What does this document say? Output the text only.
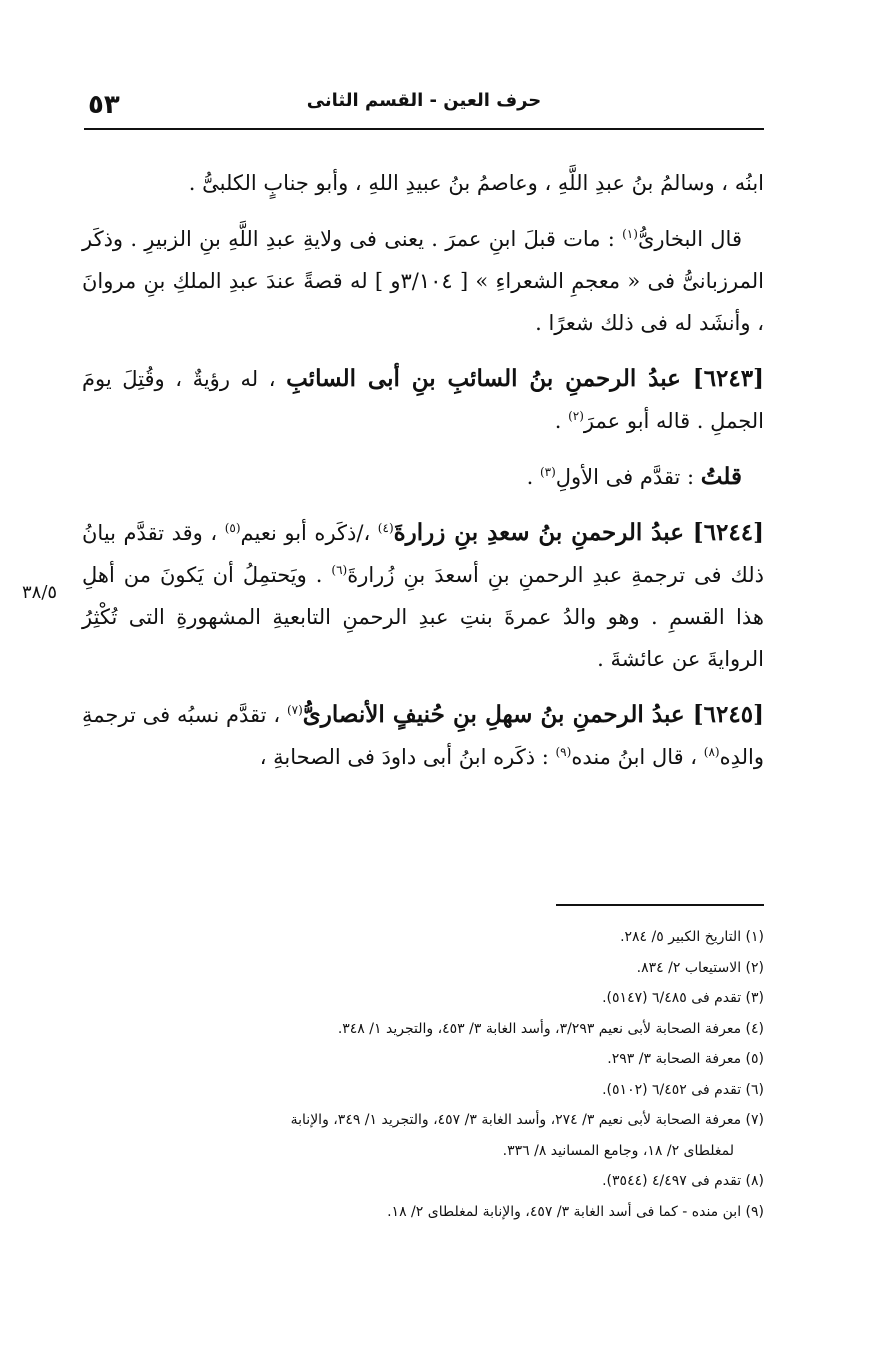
٥٣	حرف العين - القسم الثانى

ابنُه ، وسالمُ بنُ عبدِ اللَّهِ ، وعاصمُ بنُ عبيدِ اللهِ ، وأبو جنابٍ الكلبىُّ .

قال البخارىُّ$^{(١)}$ : مات قبلَ ابنِ عمرَ . يعنى فى ولايةِ عبدِ اللَّهِ بنِ الزبيرِ . وذكَر المرزبانىُّ فى « معجمِ الشعراءِ » [ ٣/١٠٤و ] له قصةً عندَ عبدِ الملكِ بنِ مروانَ ، وأنشَد له فى ذلك شعرًا .

[٦٢٤٣] عبدُ الرحمنِ بنُ السائبِ بنِ أبى السائبِ ، له رؤيةٌ ، وقُتِلَ يومَ الجملِ . قاله أبو عمرَ$^{(٢)}$ .

قلتُ : تقدَّم فى الأولِ$^{(٣)}$ .

[٦٢٤٤] عبدُ الرحمنِ بنُ سعدِ بنِ زرارةَ$^{(٤)}$ ،/ذكَره أبو نعيم$^{(٥)}$ ، وقد تقدَّم بيانُ ذلك فى ترجمةِ عبدِ الرحمنِ بنِ أسعدَ بنِ زُرارةَ$^{(٦)}$ . ويَحتمِلُ أن يَكونَ من أهلِ هذا القسمِ . وهو والدُ عمرةَ بنتِ عبدِ الرحمنِ التابعيةِ المشهورةِ التى تُكْثِرُ الروايةَ عن عائشةَ .

[٦٢٤٥] عبدُ الرحمنِ بنُ سهلِ بنِ حُنيفٍ الأنصارىُّ$^{(٧)}$ ، تقدَّم نسبُه فى ترجمةِ والدِه$^{(٨)}$ ، قال ابنُ منده$^{(٩)}$ : ذكَره ابنُ أبى داودَ فى الصحابةِ ،

٣٨/٥

(١) التاريخ الكبير ٥/ ٢٨٤.

(٢) الاستيعاب ٢/ ٨٣٤.

(٣) تقدم فى ٦/٤٨٥ (٥١٤٧).

(٤) معرفة الصحابة لأبى نعيم ٣/٢٩٣، وأسد الغابة ٣/ ٤٥٣، والتجريد ١/ ٣٤٨.

(٥) معرفة الصحابة ٣/ ٢٩٣.

(٦) تقدم فى ٦/٤٥٢ (٥١٠٢).

(٧) معرفة الصحابة لأبى نعيم ٣/ ٢٧٤، وأسد الغابة ٣/ ٤٥٧، والتجريد ١/ ٣٤٩، والإنابة

لمغلطاى ٢/ ١٨، وجامع المسانيد ٨/ ٣٣٦.

(٨) تقدم فى ٤/٤٩٧ (٣٥٤٤).

(٩) ابن منده - كما فى أسد الغابة ٣/ ٤٥٧، والإنابة لمغلطاى ٢/ ١٨.
